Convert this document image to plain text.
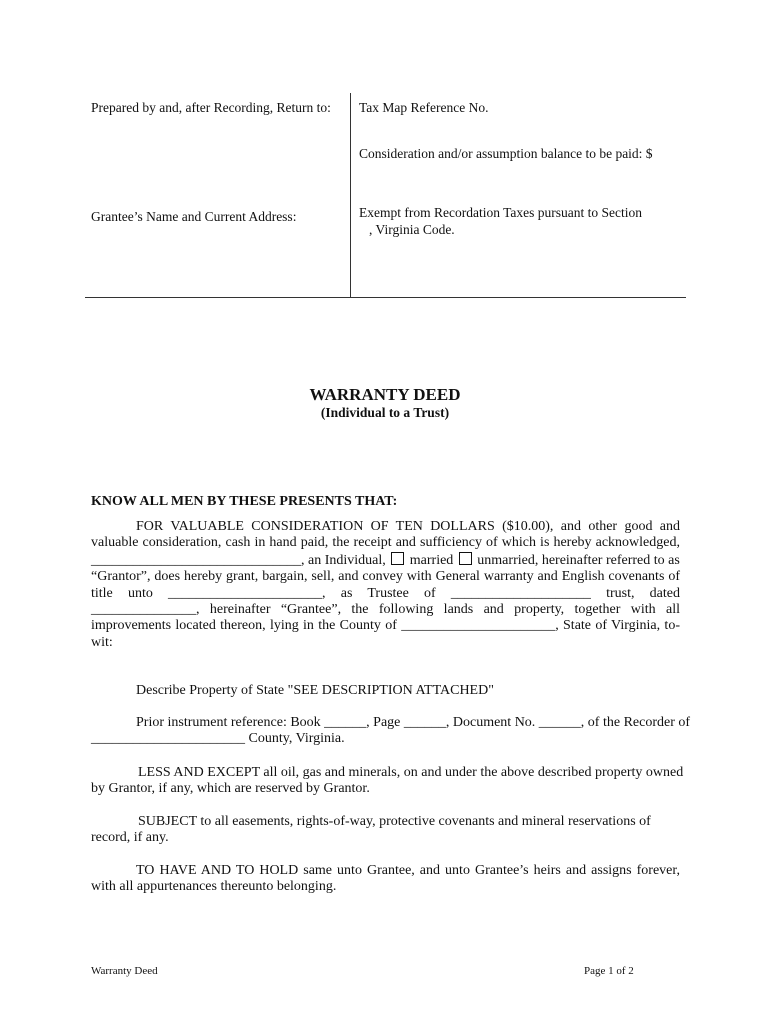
Prepared by and, after Recording, Return to:
Grantee’s Name and Current Address:
Tax Map Reference No.
Consideration and/or assumption balance to be paid: $
Exempt from Recordation Taxes pursuant to Section
, Virginia Code.
WARRANTY DEED
(Individual to a Trust)
KNOW ALL MEN BY THESE PRESENTS THAT:
FOR VALUABLE CONSIDERATION OF TEN DOLLARS ($10.00), and other good and
valuable consideration, cash in hand paid, the receipt and sufficiency of which is hereby acknowledged,
______________________________, an Individual, married unmarried, hereinafter referred to as
“Grantor”, does hereby grant, bargain, sell, and convey with General warranty and English covenants of
title unto ______________________, as Trustee of ____________________ trust, dated
_______________, hereinafter “Grantee”, the following lands and property, together with all
improvements located thereon, lying in the County of ______________________, State of Virginia, to-
wit:
Describe Property of State "SEE DESCRIPTION ATTACHED"
Prior instrument reference: Book ______, Page ______, Document No. ______, of the Recorder of
______________________ County, Virginia.
LESS AND EXCEPT all oil, gas and minerals, on and under the above described property owned
by Grantor, if any, which are reserved by Grantor.
SUBJECT to all easements, rights-of-way, protective covenants and mineral reservations of
record, if any.
TO HAVE AND TO HOLD same unto Grantee, and unto Grantee’s heirs and assigns forever,
with all appurtenances thereunto belonging.
Warranty Deed	Page 1 of 2
